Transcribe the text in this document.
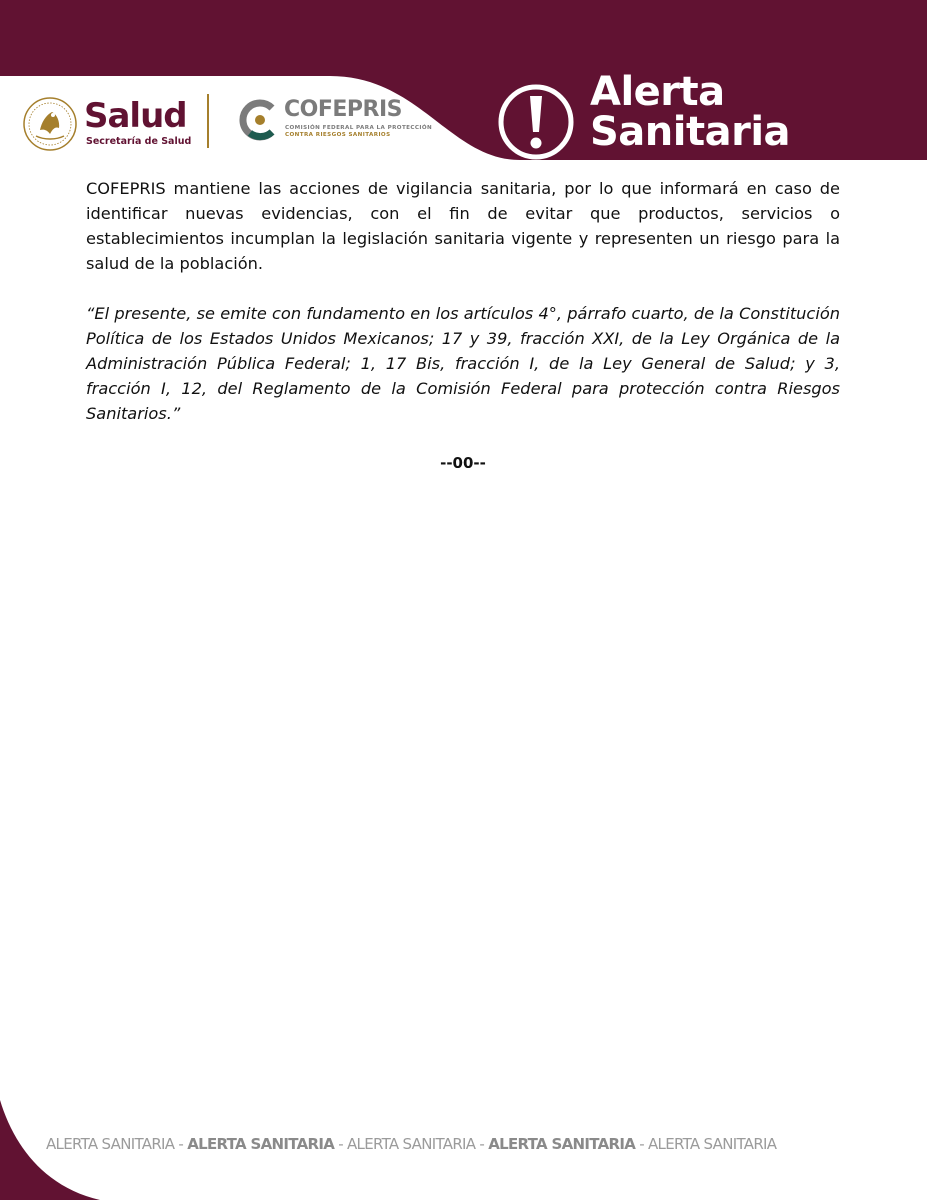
Salud
Secretaría de Salud
COFEPRIS
COMISIÓN FEDERAL PARA LA PROTECCIÓN
CONTRA RIESGOS SANITARIOS
Alerta
Sanitaria

COFEPRIS mantiene las acciones de vigilancia sanitaria, por lo que informará en caso de identificar nuevas evidencias, con el fin de evitar que productos, servicios o establecimientos incumplan la legislación sanitaria vigente y representen un riesgo para la salud de la población.

“El presente, se emite con fundamento en los artículos 4°, párrafo cuarto, de la Constitución Política de los Estados Unidos Mexicanos; 17 y 39, fracción XXI, de la Ley Orgánica de la Administración Pública Federal; 1, 17 Bis, fracción I, de la Ley General de Salud; y 3, fracción I, 12, del Reglamento de la Comisión Federal para protección contra Riesgos Sanitarios.”

--00--

ALERTA SANITARIA - ALERTA SANITARIA - ALERTA SANITARIA - ALERTA SANITARIA - ALERTA SANITARIA
